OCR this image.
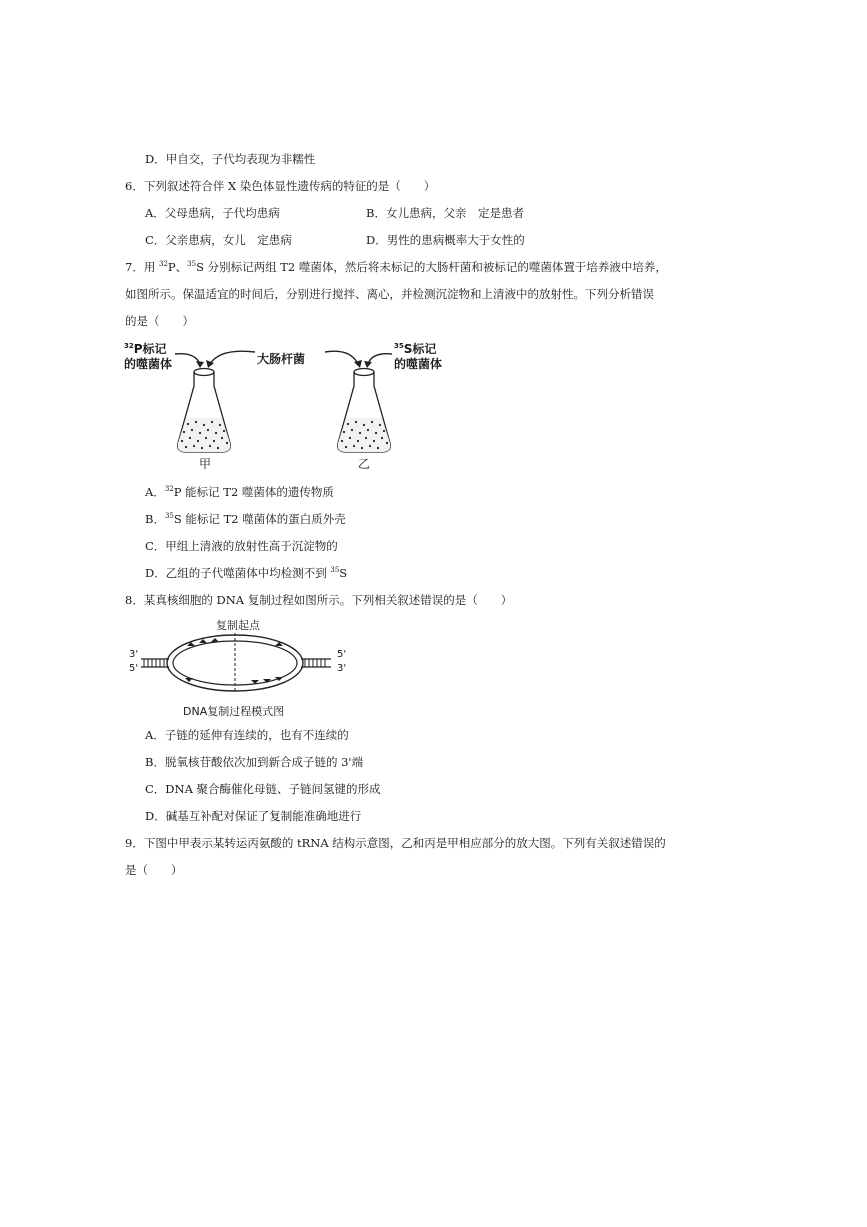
D．甲自交，子代均表现为非糯性
6．下列叙述符合伴 X 染色体显性遗传病的特征的是（　　）
A．父母患病，子代均患病	B．女儿患病，父亲　定是患者
C．父亲患病，女儿　定患病	D．男性的患病概率大于女性的
7．用 $^{32}$P、$^{35}$S 分别标记两组 T2 噬菌体，然后将未标记的大肠杆菌和被标记的噬菌体置于培养液中培养，
如图所示。保温适宜的时间后，分别进行搅拌、离心，并检测沉淀物和上清液中的放射性。下列分析错误
的是（　　）
$^{32}$P标记
的噬菌体	大肠杆菌
$^{35}$S标记
的噬菌体
甲	乙
A．$^{32}$P 能标记 T2 噬菌体的遗传物质
B．$^{35}$S 能标记 T2 噬菌体的蛋白质外壳
C．甲组上清液的放射性高于沉淀物的
D．乙组的子代噬菌体中均检测不到 $^{35}$S
8．某真核细胞的 DNA 复制过程如图所示。下列相关叙述错误的是（　　）
复制起点
3'
5'
5'
3'
DNA复制过程模式图
A．子链的延伸有连续的，也有不连续的
B．脱氧核苷酸依次加到新合成子链的 3'端
C．DNA 聚合酶催化母链、子链间氢键的形成
D．碱基互补配对保证了复制能准确地进行
9．下图中甲表示某转运丙氨酸的 tRNA 结构示意图，乙和丙是甲相应部分的放大图。下列有关叙述错误的
是（　　）
